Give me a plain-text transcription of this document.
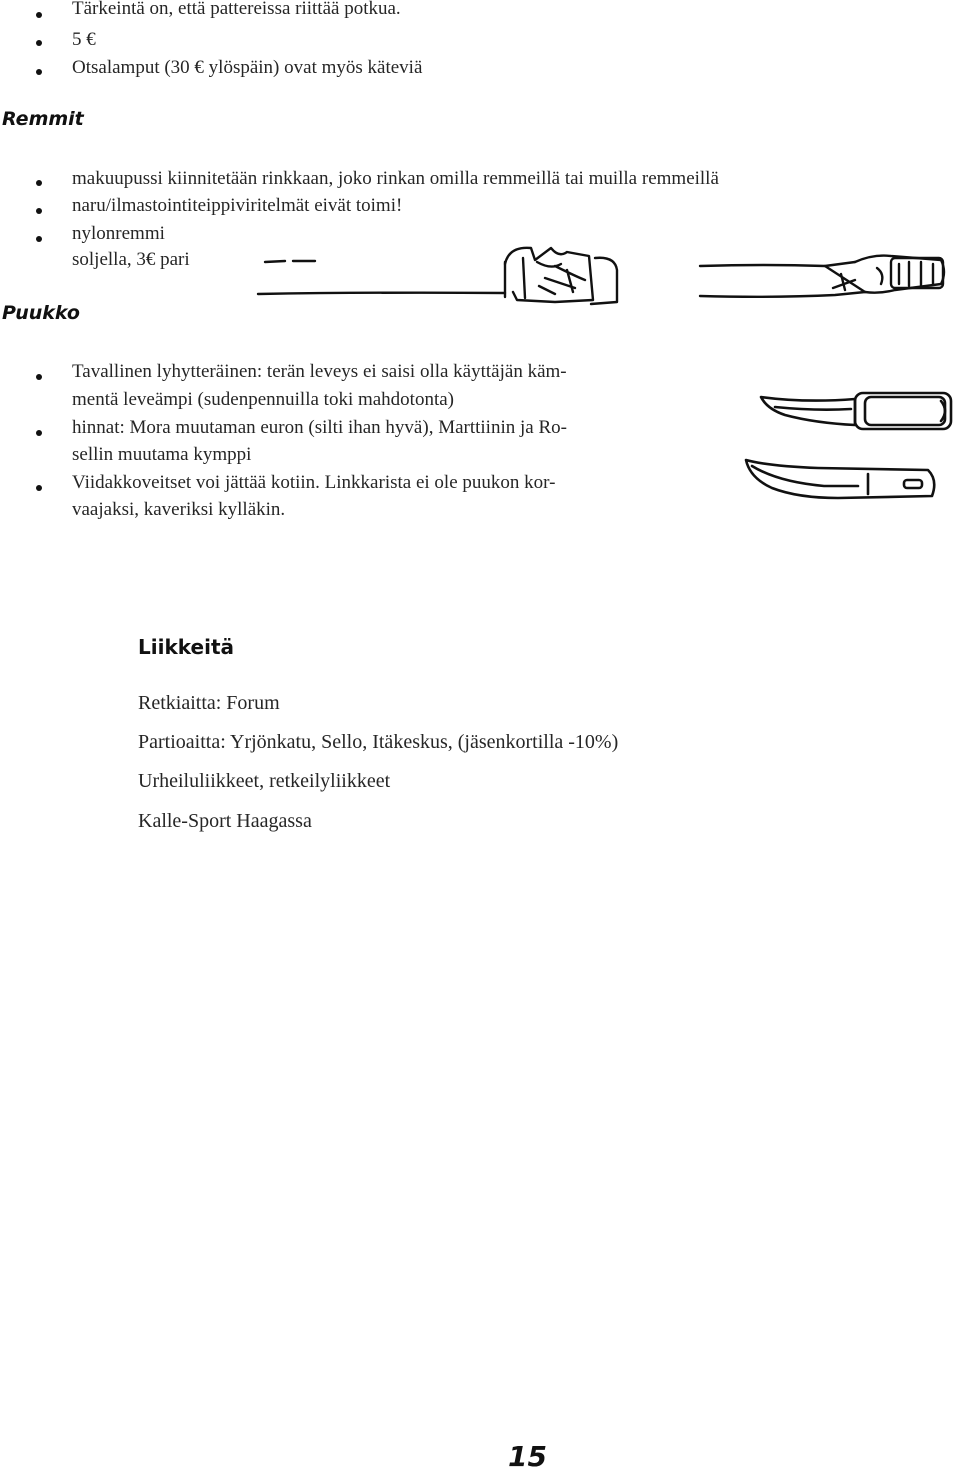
Tärkeintä on, että pattereissa riittää potkua.
5 €
Otsalamput (30 € ylöspäin) ovat myös käteviä
Remmit
makuupussi kiinnitetään rinkkaan, joko rinkan omilla remmeillä tai muilla remmeillä
naru/ilmastointiteippiviritelmät eivät toimi!
nylonremmi
soljella, 3€ pari
Puukko
Tavallinen lyhytteräinen: terän leveys ei saisi olla käyttäjän käm-
mentä leveämpi (sudenpennuilla toki mahdotonta)
hinnat: Mora muutaman euron (silti ihan hyvä), Marttiinin ja Ro-
sellin muutama kymppi
Viidakkoveitset voi jättää kotiin. Linkkarista ei ole puukon kor-
vaajaksi, kaveriksi kylläkin.
Liikkeitä
Retkiaitta: Forum
Partioaitta: Yrjönkatu, Sello, Itäkeskus, (jäsenkortilla -10%)
Urheiluliikkeet, retkeilyliikkeet
Kalle-Sport Haagassa
15
